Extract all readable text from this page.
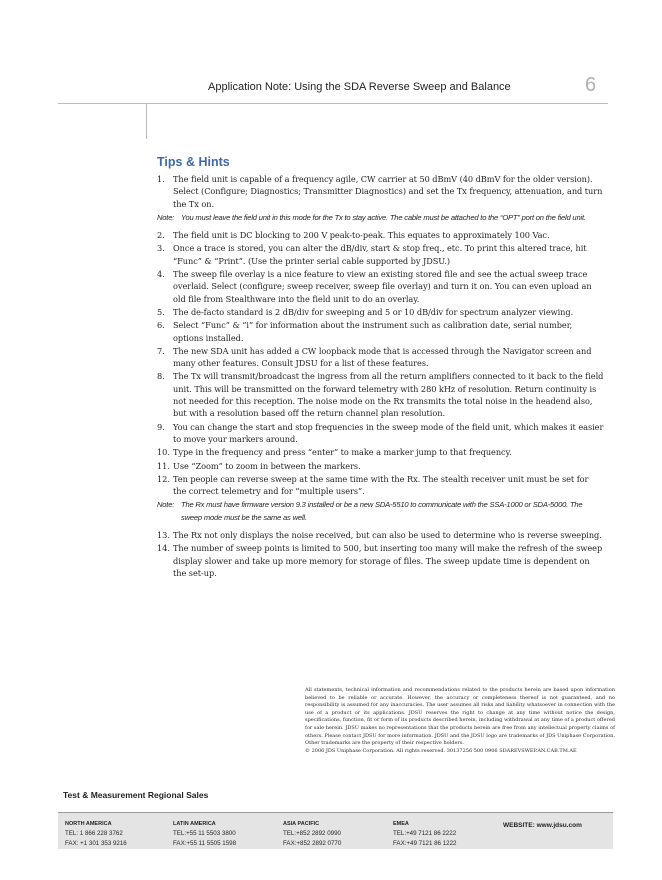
Application Note: Using the SDA Reverse Sweep and Balance	6
Tips & Hints
1. The field unit is capable of a frequency agile, CW carrier at 50 dBmV (40 dBmV for the older version). Select (Configure; Diagnostics; Transmitter Diagnostics) and set the Tx frequency, attenuation, and turn the Tx on.
Note: You must leave the field unit in this mode for the Tx to stay active. The cable must be attached to the “OPT” port on the field unit.
2. The field unit is DC blocking to 200 V peak-to-peak. This equates to approximately 100 Vac.
3. Once a trace is stored, you can alter the dB/div, start & stop freq., etc. To print this altered trace, hit “Func” & “Print”. (Use the printer serial cable supported by JDSU.)
4. The sweep file overlay is a nice feature to view an existing stored file and see the actual sweep trace overlaid. Select (configure; sweep receiver, sweep file overlay) and turn it on. You can even upload an old file from Stealthware into the field unit to do an overlay.
5. The de-facto standard is 2 dB/div for sweeping and 5 or 10 dB/div for spectrum analyzer viewing.
6. Select “Func” & “i” for information about the instrument such as calibration date, serial number, options installed.
7. The new SDA unit has added a CW loopback mode that is accessed through the Navigator screen and many other features. Consult JDSU for a list of these features.
8. The Tx will transmit/broadcast the ingress from all the return amplifiers connected to it back to the field unit. This will be transmitted on the forward telemetry with 280 kHz of resolution. Return continuity is not needed for this reception. The noise mode on the Rx transmits the total noise in the headend also, but with a resolution based off the return channel plan resolution.
9. You can change the start and stop frequencies in the sweep mode of the field unit, which makes it easier to move your markers around.
10. Type in the frequency and press “enter” to make a marker jump to that frequency.
11. Use “Zoom” to zoom in between the markers.
12. Ten people can reverse sweep at the same time with the Rx. The stealth receiver unit must be set for the correct telemetry and for “multiple users”.
Note: The Rx must have firmware version 9.3 installed or be a new SDA-5510 to communicate with the SSA-1000 or SDA-5000. The sweep mode must be the same as well.
13. The Rx not only displays the noise received, but can also be used to determine who is reverse sweeping.
14. The number of sweep points is limited to 500, but inserting too many will make the refresh of the sweep display slower and take up more memory for storage of files. The sweep update time is dependent on the set-up.
All statements, technical information and recommendations related to the products herein are based upon information believed to be reliable or accurate. However, the accuracy or completeness thereof is not guaranteed, and no responsibility is assumed for any inaccuracies. The user assumes all risks and liability whatsoever in connection with the use of a product or its applications. JDSU reserves the right to change at any time without notice the design, specifications, function, fit or form of its products described herein, including withdrawal at any time of a product offered for sale herein. JDSU makes no representations that the products herein are free from any intellectual property claims of others. Please contact JDSU for more information. JDSU and the JDSU logo are trademarks of JDS Uniphase Corporation. Other trademarks are the property of their respective holders.
© 2006 JDS Uniphase Corporation. All rights reserved. 30137256 500 0906 SDAREVSWEP.AN.CAB.TM.AE
Test & Measurement Regional Sales
NORTH AMERICA
TEL: 1 866 228 3762
FAX: +1 301 353 9216
LATIN AMERICA
TEL:+55 11 5503 3800
FAX:+55 11 5505 1598
ASIA PACIFIC
TEL:+852 2892 0990
FAX:+852 2892 0770
EMEA
TEL:+49 7121 86 2222
FAX:+49 7121 86 1222
WEBSITE: www.jdsu.com
